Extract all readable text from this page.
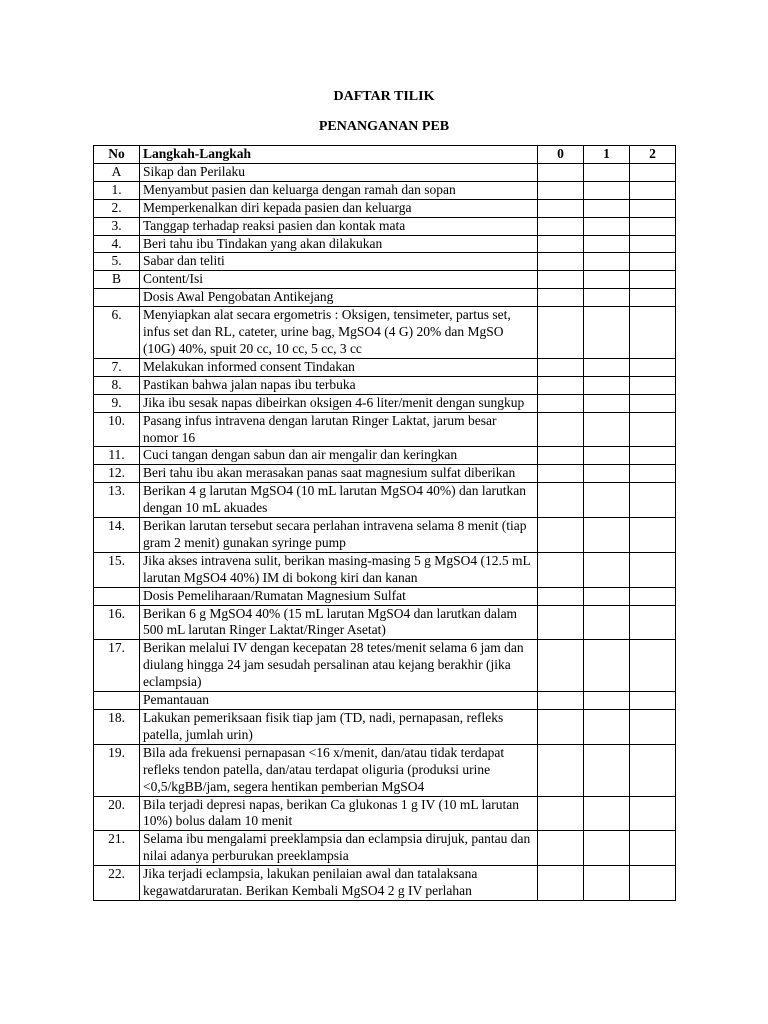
DAFTAR TILIK
PENANGANAN PEB
No	Langkah-Langkah	0	1	2
A	Sikap dan Perilaku			
1.	Menyambut pasien dan keluarga dengan ramah dan sopan			
2.	Memperkenalkan diri kepada pasien dan keluarga			
3.	Tanggap terhadap reaksi pasien dan kontak mata			
4.	Beri tahu ibu Tindakan yang akan dilakukan			
5.	Sabar dan teliti			
B	Content/Isi			
	Dosis Awal Pengobatan Antikejang			
6.	Menyiapkan alat secara ergometris : Oksigen, tensimeter, partus set, infus set dan RL, cateter, urine bag, MgSO4 (4 G) 20% dan MgSO (10G) 40%, spuit 20 cc, 10 cc, 5 cc, 3 cc			
7.	Melakukan informed consent Tindakan			
8.	Pastikan bahwa jalan napas ibu terbuka			
9.	Jika ibu sesak napas dibeirkan oksigen 4-6 liter/menit dengan sungkup			
10.	Pasang infus intravena dengan larutan Ringer Laktat, jarum besar nomor 16			
11.	Cuci tangan dengan sabun dan air mengalir dan keringkan			
12.	Beri tahu ibu akan merasakan panas saat magnesium sulfat diberikan			
13.	Berikan 4 g larutan MgSO4 (10 mL larutan MgSO4 40%) dan larutkan dengan 10 mL akuades			
14.	Berikan larutan tersebut secara perlahan intravena selama 8 menit (tiap gram 2 menit) gunakan syringe pump			
15.	Jika akses intravena sulit, berikan masing-masing 5 g MgSO4 (12.5 mL larutan MgSO4 40%) IM di bokong kiri dan kanan			
	Dosis Pemeliharaan/Rumatan Magnesium Sulfat			
16.	Berikan 6 g MgSO4 40% (15 mL larutan MgSO4 dan larutkan dalam 500 mL larutan Ringer Laktat/Ringer Asetat)			
17.	Berikan melalui IV dengan kecepatan 28 tetes/menit selama 6 jam dan diulang hingga 24 jam sesudah persalinan atau kejang berakhir (jika eclampsia)			
	Pemantauan			
18.	Lakukan pemeriksaan fisik tiap jam (TD, nadi, pernapasan, refleks patella, jumlah urin)			
19.	Bila ada frekuensi pernapasan <16 x/menit, dan/atau tidak terdapat refleks tendon patella, dan/atau terdapat oliguria (produksi urine <0,5/kgBB/jam, segera hentikan pemberian MgSO4			
20.	Bila terjadi depresi napas, berikan Ca glukonas 1 g IV (10 mL larutan 10%) bolus dalam 10 menit			
21.	Selama ibu mengalami preeklampsia dan eclampsia dirujuk, pantau dan nilai adanya perburukan preeklampsia			
22.	Jika terjadi eclampsia, lakukan penilaian awal dan tatalaksana kegawatdaruratan. Berikan Kembali MgSO4 2 g IV perlahan			
